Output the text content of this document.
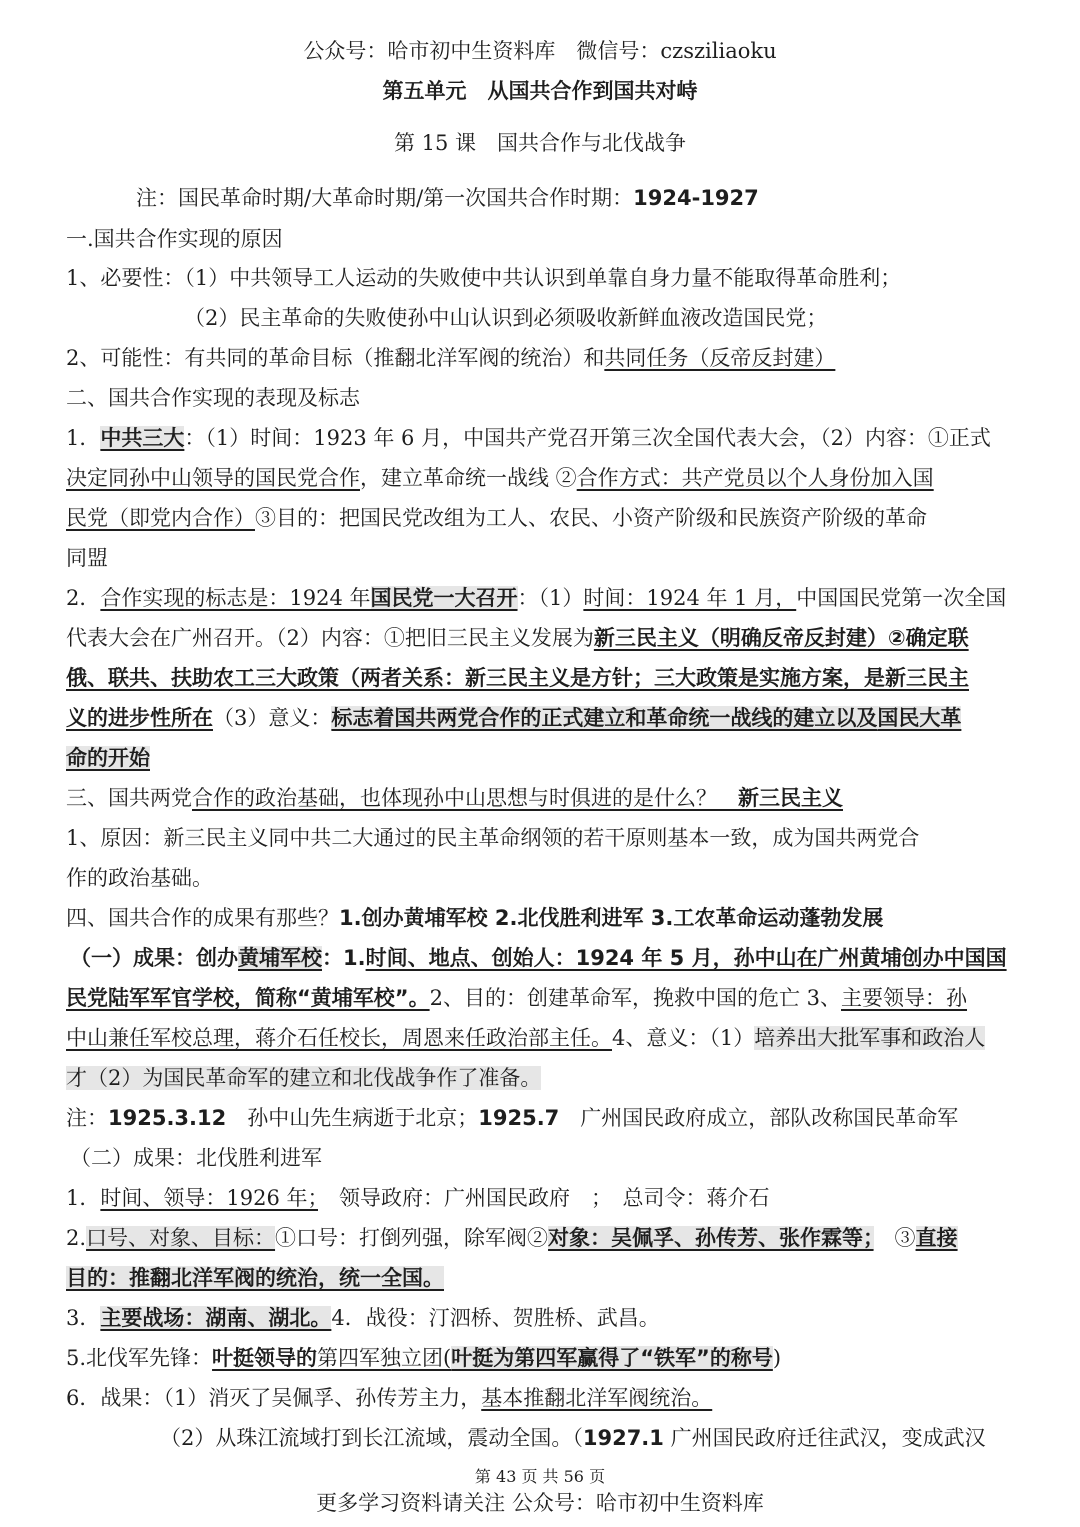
公众号：哈市初中生资料库　微信号：czsziliaoku
第五单元　从国共合作到国共对峙
第 15 课　国共合作与北伐战争
注：国民革命时期/大革命时期/第一次国共合作时期：1924-1927
一.国共合作实现的原因
1、必要性：（1）中共领导工人运动的失败使中共认识到单靠自身力量不能取得革命胜利；
（2）民主革命的失败使孙中山认识到必须吸收新鲜血液改造国民党；
2、可能性：有共同的革命目标（推翻北洋军阀的统治）和共同任务（反帝反封建）
二、国共合作实现的表现及标志
1．中共三大：（1）时间：1923 年 6 月，中国共产党召开第三次全国代表大会，（2）内容：①正式
决定同孙中山领导的国民党合作，建立革命统一战线 ②合作方式：共产党员以个人身份加入国
民党（即党内合作）③目的：把国民党改组为工人、农民、小资产阶级和民族资产阶级的革命
同盟
2．合作实现的标志是：1924 年国民党一大召开：（1）时间：1924 年 1 月，中国国民党第一次全国
代表大会在广州召开。（2）内容：①把旧三民主义发展为新三民主义（明确反帝反封建）②确定联
俄、联共、扶助农工三大政策（两者关系：新三民主义是方针；三大政策是实施方案，是新三民主
义的进步性所在（3）意义：标志着国共两党合作的正式建立和革命统一战线的建立以及国民大革
命的开始
三、国共两党合作的政治基础，也体现孙中山思想与时俱进的是什么？　新三民主义
1、原因：新三民主义同中共二大通过的民主革命纲领的若干原则基本一致，成为国共两党合
作的政治基础。
四、国共合作的成果有那些？1.创办黄埔军校 2.北伐胜利进军 3.工农革命运动蓬勃发展
（一）成果：创办黄埔军校：1.时间、地点、创始人：1924 年 5 月，孙中山在广州黄埔创办中国国
民党陆军军官学校，简称“黄埔军校”。2、目的：创建革命军，挽救中国的危亡 3、主要领导：孙
中山兼任军校总理，蒋介石任校长，周恩来任政治部主任。4、意义：（1）培养出大批军事和政治人
才（2）为国民革命军的建立和北伐战争作了准备。
注：1925.3.12　孙中山先生病逝于北京；1925.7　广州国民政府成立，部队改称国民革命军
（二）成果：北伐胜利进军
1．时间、领导：1926 年；　领导政府：广州国民政府　；　总司令：蒋介石
2.口号、对象、目标：①口号：打倒列强，除军阀②对象：吴佩孚、孙传芳、张作霖等；　③直接
目的：推翻北洋军阀的统治，统一全国。
3．主要战场：湖南、湖北。4．战役：汀泗桥、贺胜桥、武昌。
5.北伐军先锋：叶挺领导的第四军独立团(叶挺为第四军赢得了“铁军”的称号)
6．战果：（1）消灭了吴佩孚、孙传芳主力，基本推翻北洋军阀统治。
（2）从珠江流域打到长江流域，震动全国。（1927.1 广州国民政府迁往武汉，变成武汉
第 43 页 共 56 页
更多学习资料请关注 公众号：哈市初中生资料库
